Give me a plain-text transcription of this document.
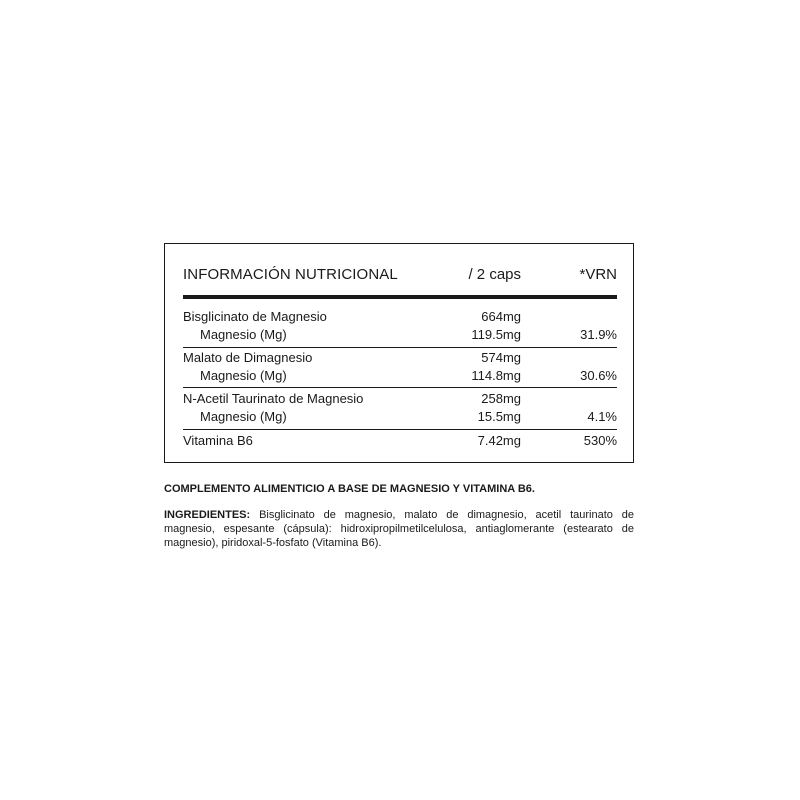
INFORMACIÓN NUTRICIONAL	/ 2 caps	*VRN
Bisglicinato de Magnesio	664mg
Magnesio (Mg)	119.5mg	31.9%
Malato de Dimagnesio	574mg
Magnesio (Mg)	114.8mg	30.6%
N-Acetil Taurinato de Magnesio	258mg
Magnesio (Mg)	15.5mg	4.1%
Vitamina B6	7.42mg	530%
COMPLEMENTO ALIMENTICIO A BASE DE MAGNESIO Y VITAMINA B6.
INGREDIENTES: Bisglicinato de magnesio, malato de dimagnesio, acetil taurinato de magnesio, espesante (cápsula): hidroxipropilmetilcelulosa, antiaglomerante (estearato de magnesio), piridoxal-5-fosfato (Vitamina B6).
